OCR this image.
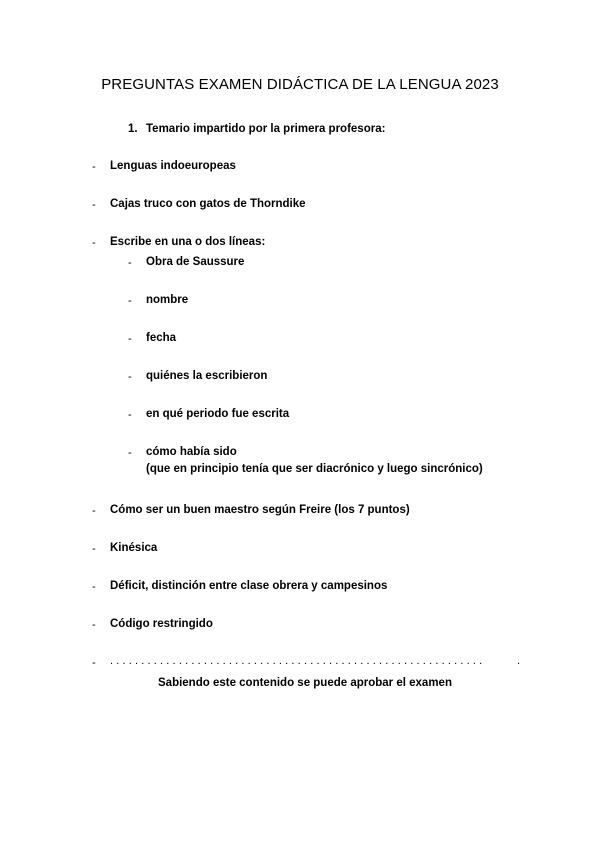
PREGUNTAS EXAMEN DIDÁCTICA DE LA LENGUA 2023
1. Temario impartido por la primera profesora:
- Lenguas indoeuropeas
- Cajas truco con gatos de Thorndike
- Escribe en una o dos líneas:
- Obra de Saussure
- nombre
- fecha
- quiénes la escribieron
- en qué periodo fue escrita
- cómo había sido
(que en principio tenía que ser diacrónico y luego sincrónico)
- Cómo ser un buen maestro según Freire (los 7 puntos)
- Kinésica
- Déficit, distinción entre clase obrera y campesinos
- Código restringido
- ............................................................	.
Sabiendo este contenido se puede aprobar el examen
